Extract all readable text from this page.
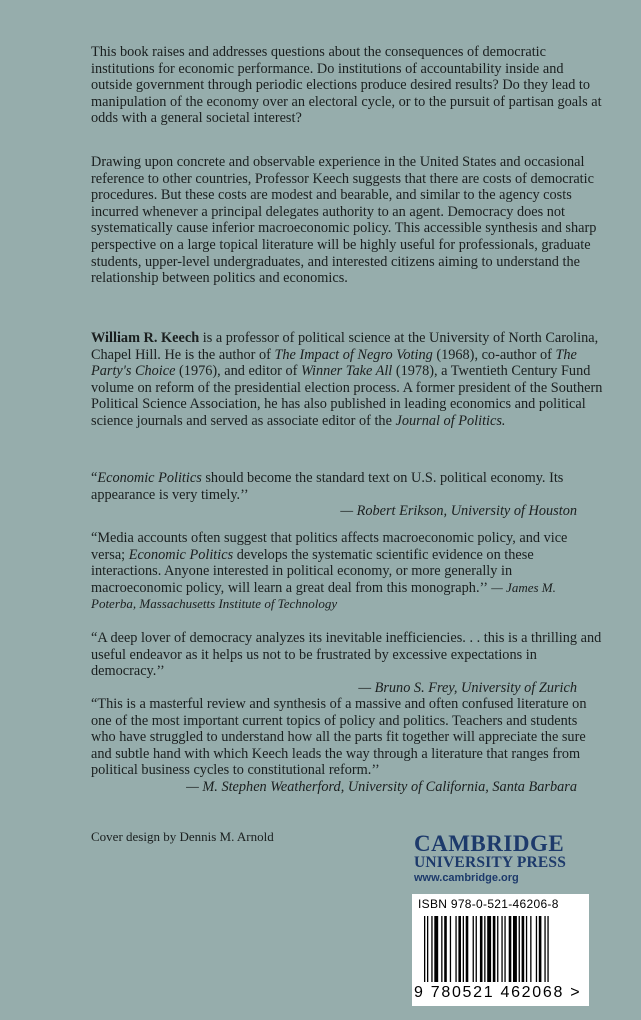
This book raises and addresses questions about the consequences of democratic institutions for economic performance. Do institutions of accountability inside and outside government through periodic elections produce desired results? Do they lead to manipulation of the economy over an electoral cycle, or to the pursuit of partisan goals at odds with a general societal interest?

Drawing upon concrete and observable experience in the United States and occasional reference to other countries, Professor Keech suggests that there are costs of democratic procedures. But these costs are modest and bearable, and similar to the agency costs incurred whenever a principal delegates authority to an agent. Democracy does not systematically cause inferior macroeconomic policy. This accessible synthesis and sharp perspective on a large topical literature will be highly useful for professionals, graduate students, upper-level undergraduates, and interested citizens aiming to understand the relationship between politics and economics.

William R. Keech is a professor of political science at the University of North Carolina, Chapel Hill. He is the author of The Impact of Negro Voting (1968), co-author of The Party's Choice (1976), and editor of Winner Take All (1978), a Twentieth Century Fund volume on reform of the presidential election process. A former president of the Southern Political Science Association, he has also published in leading economics and political science journals and served as associate editor of the Journal of Politics.

“Economic Politics should become the standard text on U.S. political economy. Its appearance is very timely.’’
— Robert Erikson, University of Houston

“Media accounts often suggest that politics affects macroeconomic policy, and vice versa; Economic Politics develops the systematic scientific evidence on these interactions. Anyone interested in political economy, or more generally in macroeconomic policy, will learn a great deal from this monograph.’’ — James M. Poterba, Massachusetts Institute of Technology

“A deep lover of democracy analyzes its inevitable inefficiencies. . . this is a thrilling and useful endeavor as it helps us not to be frustrated by excessive expectations in democracy.’’
— Bruno S. Frey, University of Zurich

“This is a masterful review and synthesis of a massive and often confused literature on one of the most important current topics of policy and politics. Teachers and students who have struggled to understand how all the parts fit together will appreciate the sure and subtle hand with which Keech leads the way through a literature that ranges from political business cycles to constitutional reform.’’
— M. Stephen Weatherford, University of California, Santa Barbara

Cover design by Dennis M. Arnold	CAMBRIDGE
UNIVERSITY PRESS
www.cambridge.org
ISBN 978-0-521-46206-8
9 780521 462068 >
